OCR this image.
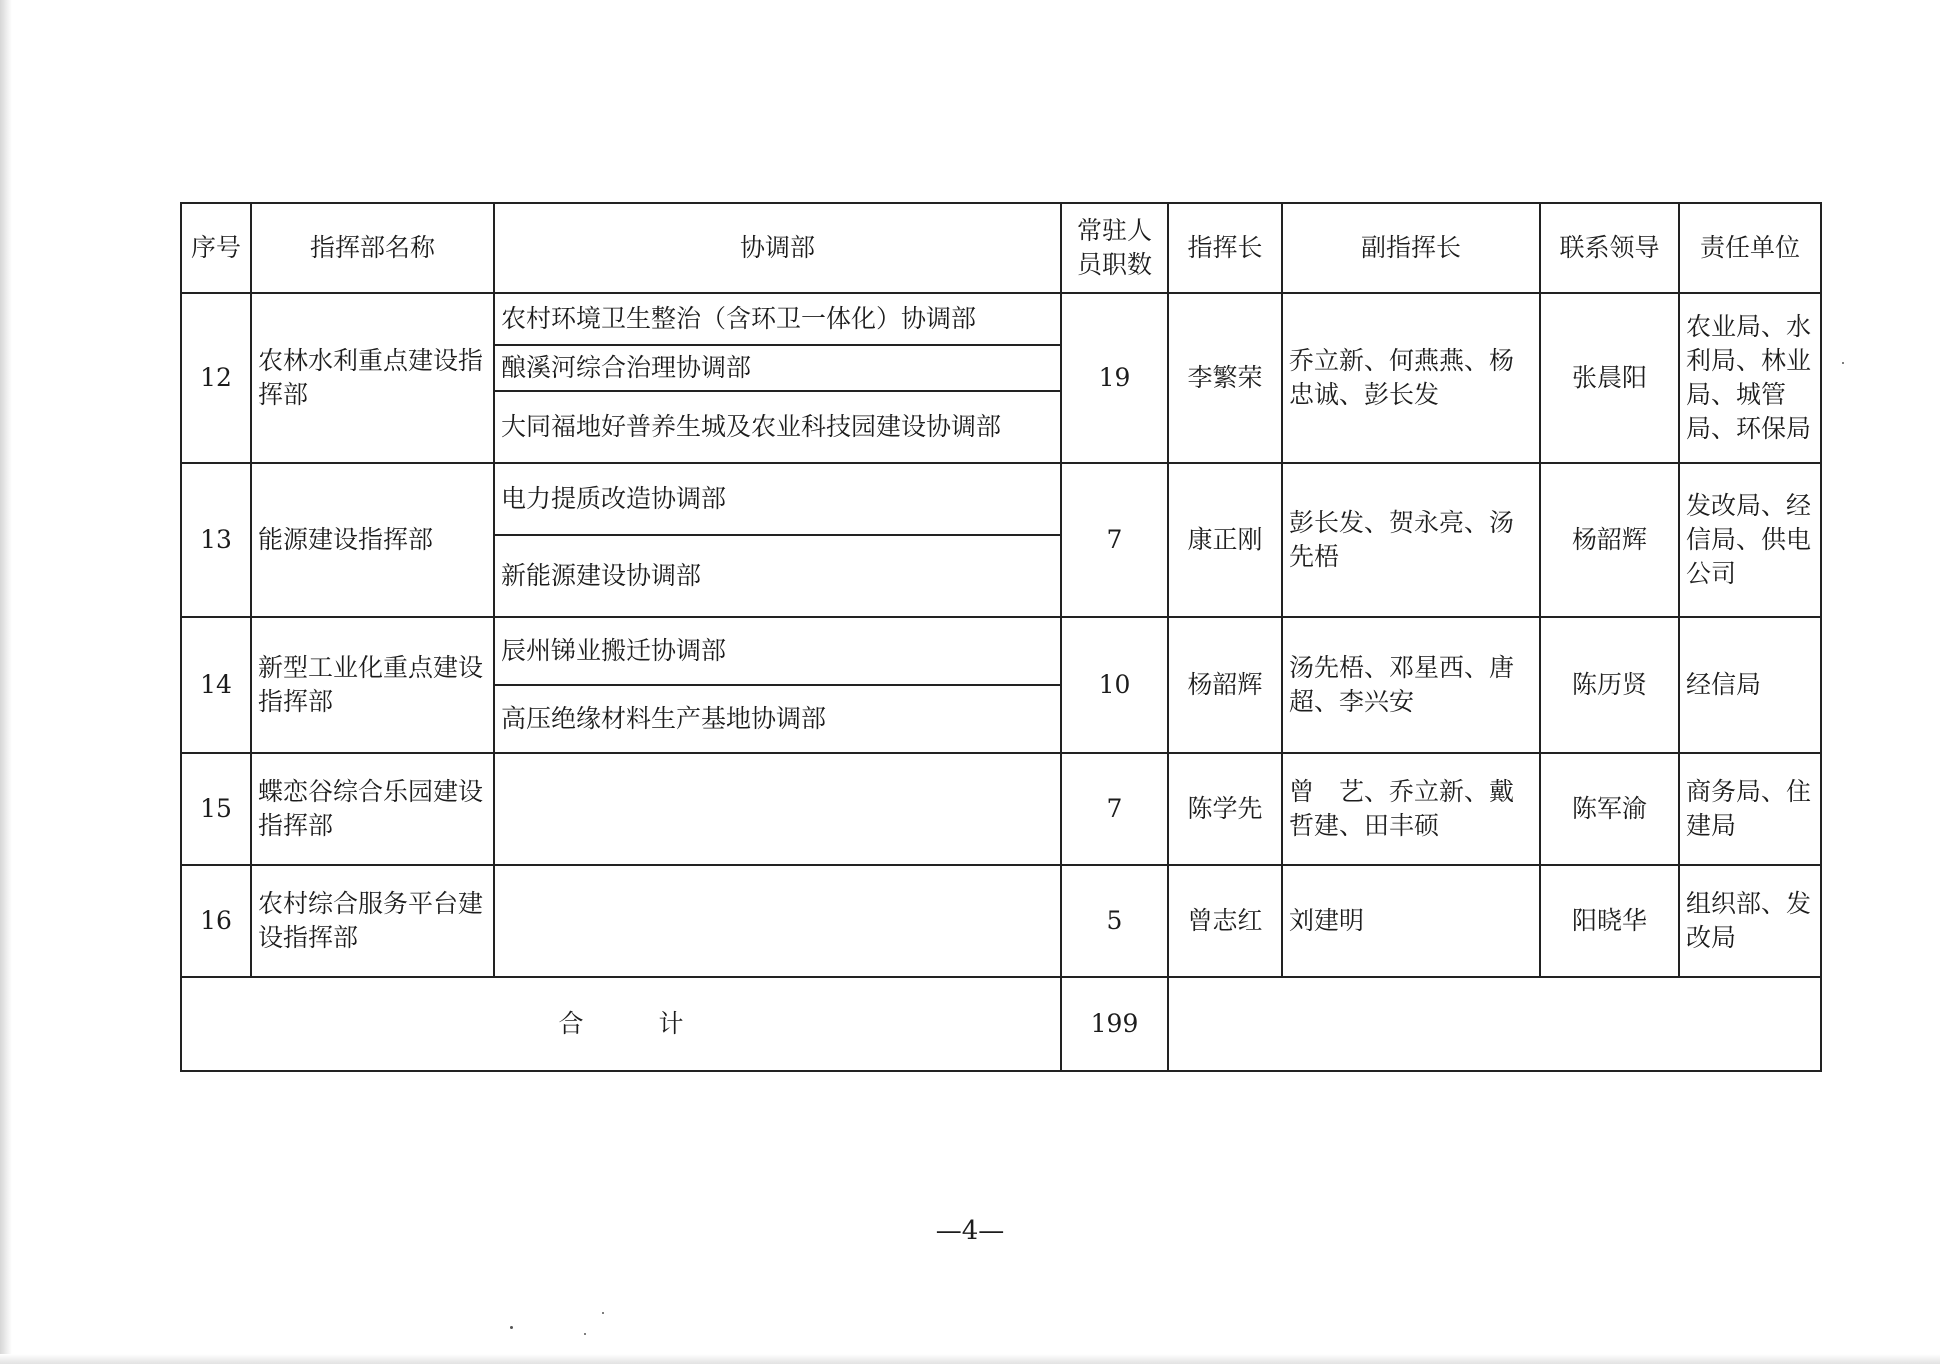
序号	指挥部名称	协调部	常驻人员职数	指挥长	副指挥长	联系领导	责任单位
12	农林水利重点建设指挥部	农村环境卫生整治（含环卫一体化）协调部	19	李繁荣	乔立新、何燕燕、杨忠诚、彭长发	张晨阳	农业局、水利局、林业局、城管局、环保局
		酿溪河综合治理协调部					
		大同福地好普养生城及农业科技园建设协调部					
13	能源建设指挥部	电力提质改造协调部	7	康正刚	彭长发、贺永亮、汤先梧	杨韶辉	发改局、经信局、供电公司
		新能源建设协调部					
14	新型工业化重点建设指挥部	辰州锑业搬迁协调部	10	杨韶辉	汤先梧、邓星西、唐　超、李兴安	陈历贤	经信局
		高压绝缘材料生产基地协调部					
15	蝶恋谷综合乐园建设指挥部		7	陈学先	曾　艺、乔立新、戴哲建、田丰硕	陈军渝	商务局、住建局
16	农村综合服务平台建设指挥部		5	曾志红	刘建明	阳晓华	组织部、发改局
合　　　计			199				
—4—
